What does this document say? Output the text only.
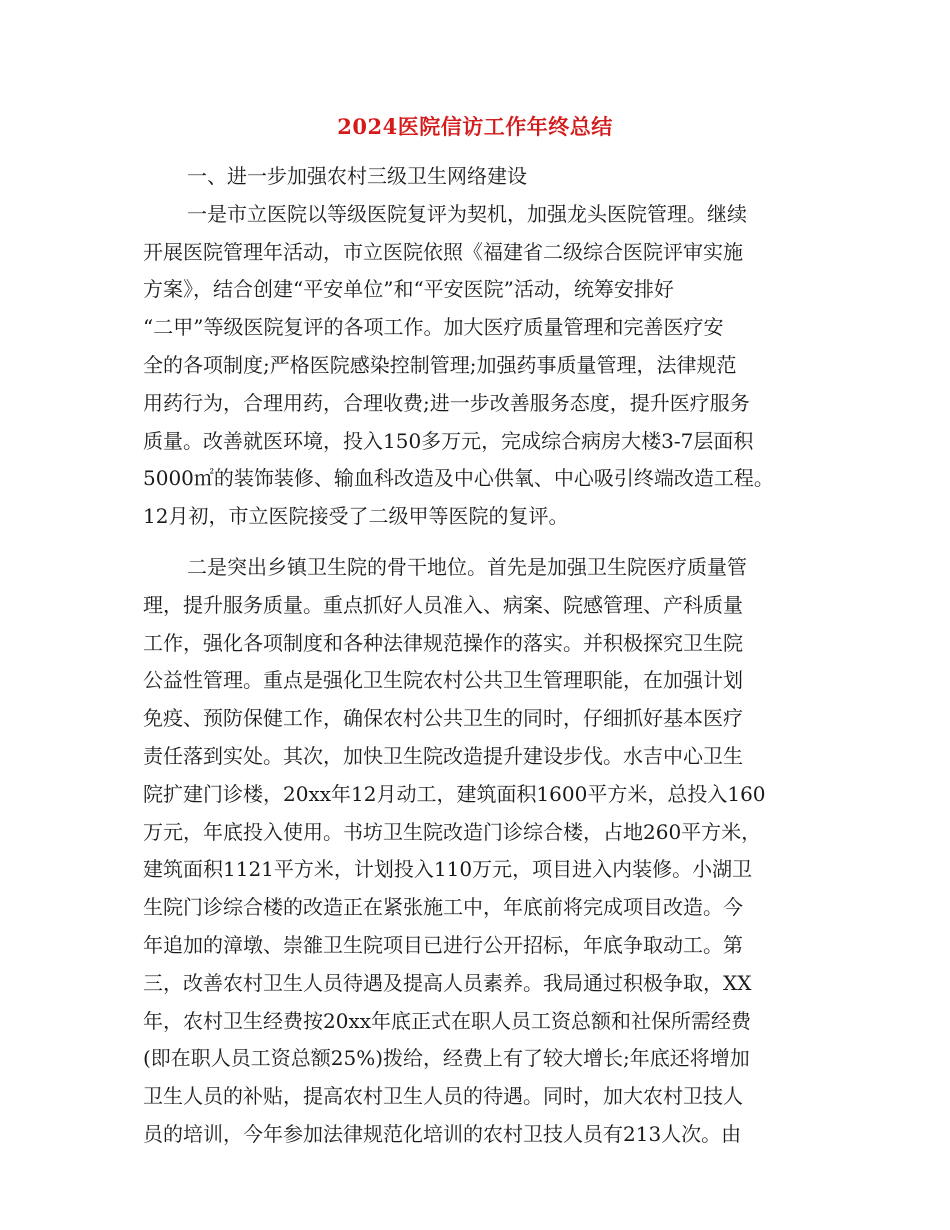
2024医院信访工作年终总结
一、进一步加强农村三级卫生网络建设
一是市立医院以等级医院复评为契机，加强龙头医院管理。继续
开展医院管理年活动，市立医院依照《福建省二级综合医院评审实施
方案》，结合创建“平安单位”和“平安医院”活动，统筹安排好
“二甲”等级医院复评的各项工作。加大医疗质量管理和完善医疗安
全的各项制度;严格医院感染控制管理;加强药事质量管理，法律规范
用药行为，合理用药，合理收费;进一步改善服务态度，提升医疗服务
质量。改善就医环境，投入150多万元，完成综合病房大楼3-7层面积
5000㎡的装饰装修、输血科改造及中心供氧、中心吸引终端改造工程。
12月初，市立医院接受了二级甲等医院的复评。
二是突出乡镇卫生院的骨干地位。首先是加强卫生院医疗质量管
理，提升服务质量。重点抓好人员准入、病案、院感管理、产科质量
工作，强化各项制度和各种法律规范操作的落实。并积极探究卫生院
公益性管理。重点是强化卫生院农村公共卫生管理职能，在加强计划
免疫、预防保健工作，确保农村公共卫生的同时，仔细抓好基本医疗
责任落到实处。其次，加快卫生院改造提升建设步伐。水吉中心卫生
院扩建门诊楼，20xx年12月动工，建筑面积1600平方米，总投入160
万元，年底投入使用。书坊卫生院改造门诊综合楼，占地260平方米，
建筑面积1121平方米，计划投入110万元，项目进入内装修。小湖卫
生院门诊综合楼的改造正在紧张施工中，年底前将完成项目改造。今
年追加的漳墩、崇雒卫生院项目已进行公开招标，年底争取动工。第
三，改善农村卫生人员待遇及提高人员素养。我局通过积极争取，XX
年，农村卫生经费按20xx年底正式在职人员工资总额和社保所需经费
(即在职人员工资总额25%)拨给，经费上有了较大增长;年底还将增加
卫生人员的补贴，提高农村卫生人员的待遇。同时，加大农村卫技人
员的培训，今年参加法律规范化培训的农村卫技人员有213人次。由
